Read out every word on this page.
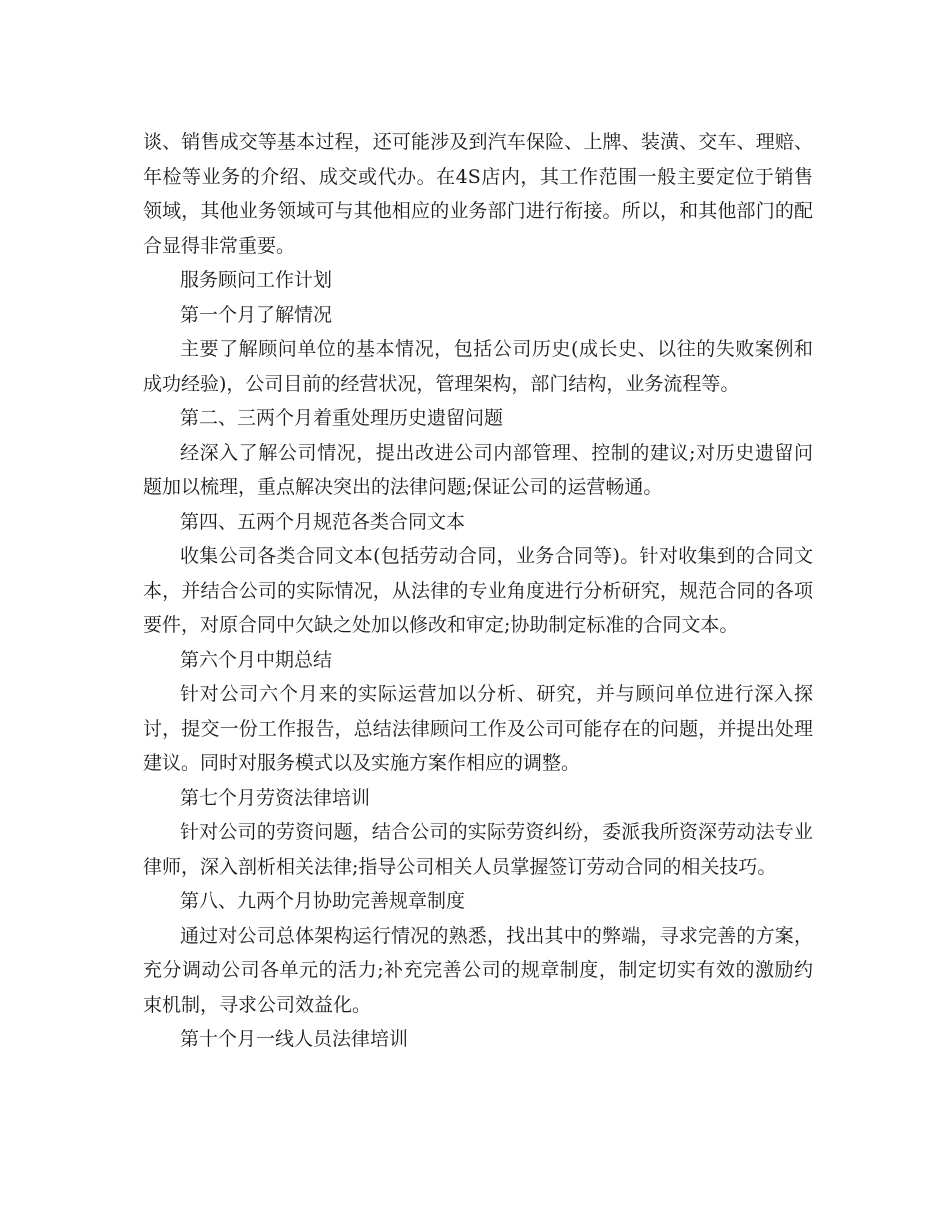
谈、销售成交等基本过程，还可能涉及到汽车保险、上牌、装潢、交车、理赔、年检等业务的介绍、成交或代办。在4S店内，其工作范围一般主要定位于销售领域，其他业务领域可与其他相应的业务部门进行衔接。所以，和其他部门的配合显得非常重要。

服务顾问工作计划

第一个月了解情况

主要了解顾问单位的基本情况，包括公司历史(成长史、以往的失败案例和成功经验)，公司目前的经营状况，管理架构，部门结构，业务流程等。

第二、三两个月着重处理历史遗留问题

经深入了解公司情况，提出改进公司内部管理、控制的建议;对历史遗留问题加以梳理，重点解决突出的法律问题;保证公司的运营畅通。

第四、五两个月规范各类合同文本

收集公司各类合同文本(包括劳动合同，业务合同等)。针对收集到的合同文本，并结合公司的实际情况，从法律的专业角度进行分析研究，规范合同的各项要件，对原合同中欠缺之处加以修改和审定;协助制定标准的合同文本。

第六个月中期总结

针对公司六个月来的实际运营加以分析、研究，并与顾问单位进行深入探讨，提交一份工作报告，总结法律顾问工作及公司可能存在的问题，并提出处理建议。同时对服务模式以及实施方案作相应的调整。

第七个月劳资法律培训

针对公司的劳资问题，结合公司的实际劳资纠纷，委派我所资深劳动法专业律师，深入剖析相关法律;指导公司相关人员掌握签订劳动合同的相关技巧。

第八、九两个月协助完善规章制度

通过对公司总体架构运行情况的熟悉，找出其中的弊端，寻求完善的方案，充分调动公司各单元的活力;补充完善公司的规章制度，制定切实有效的激励约束机制，寻求公司效益化。

第十个月一线人员法律培训
